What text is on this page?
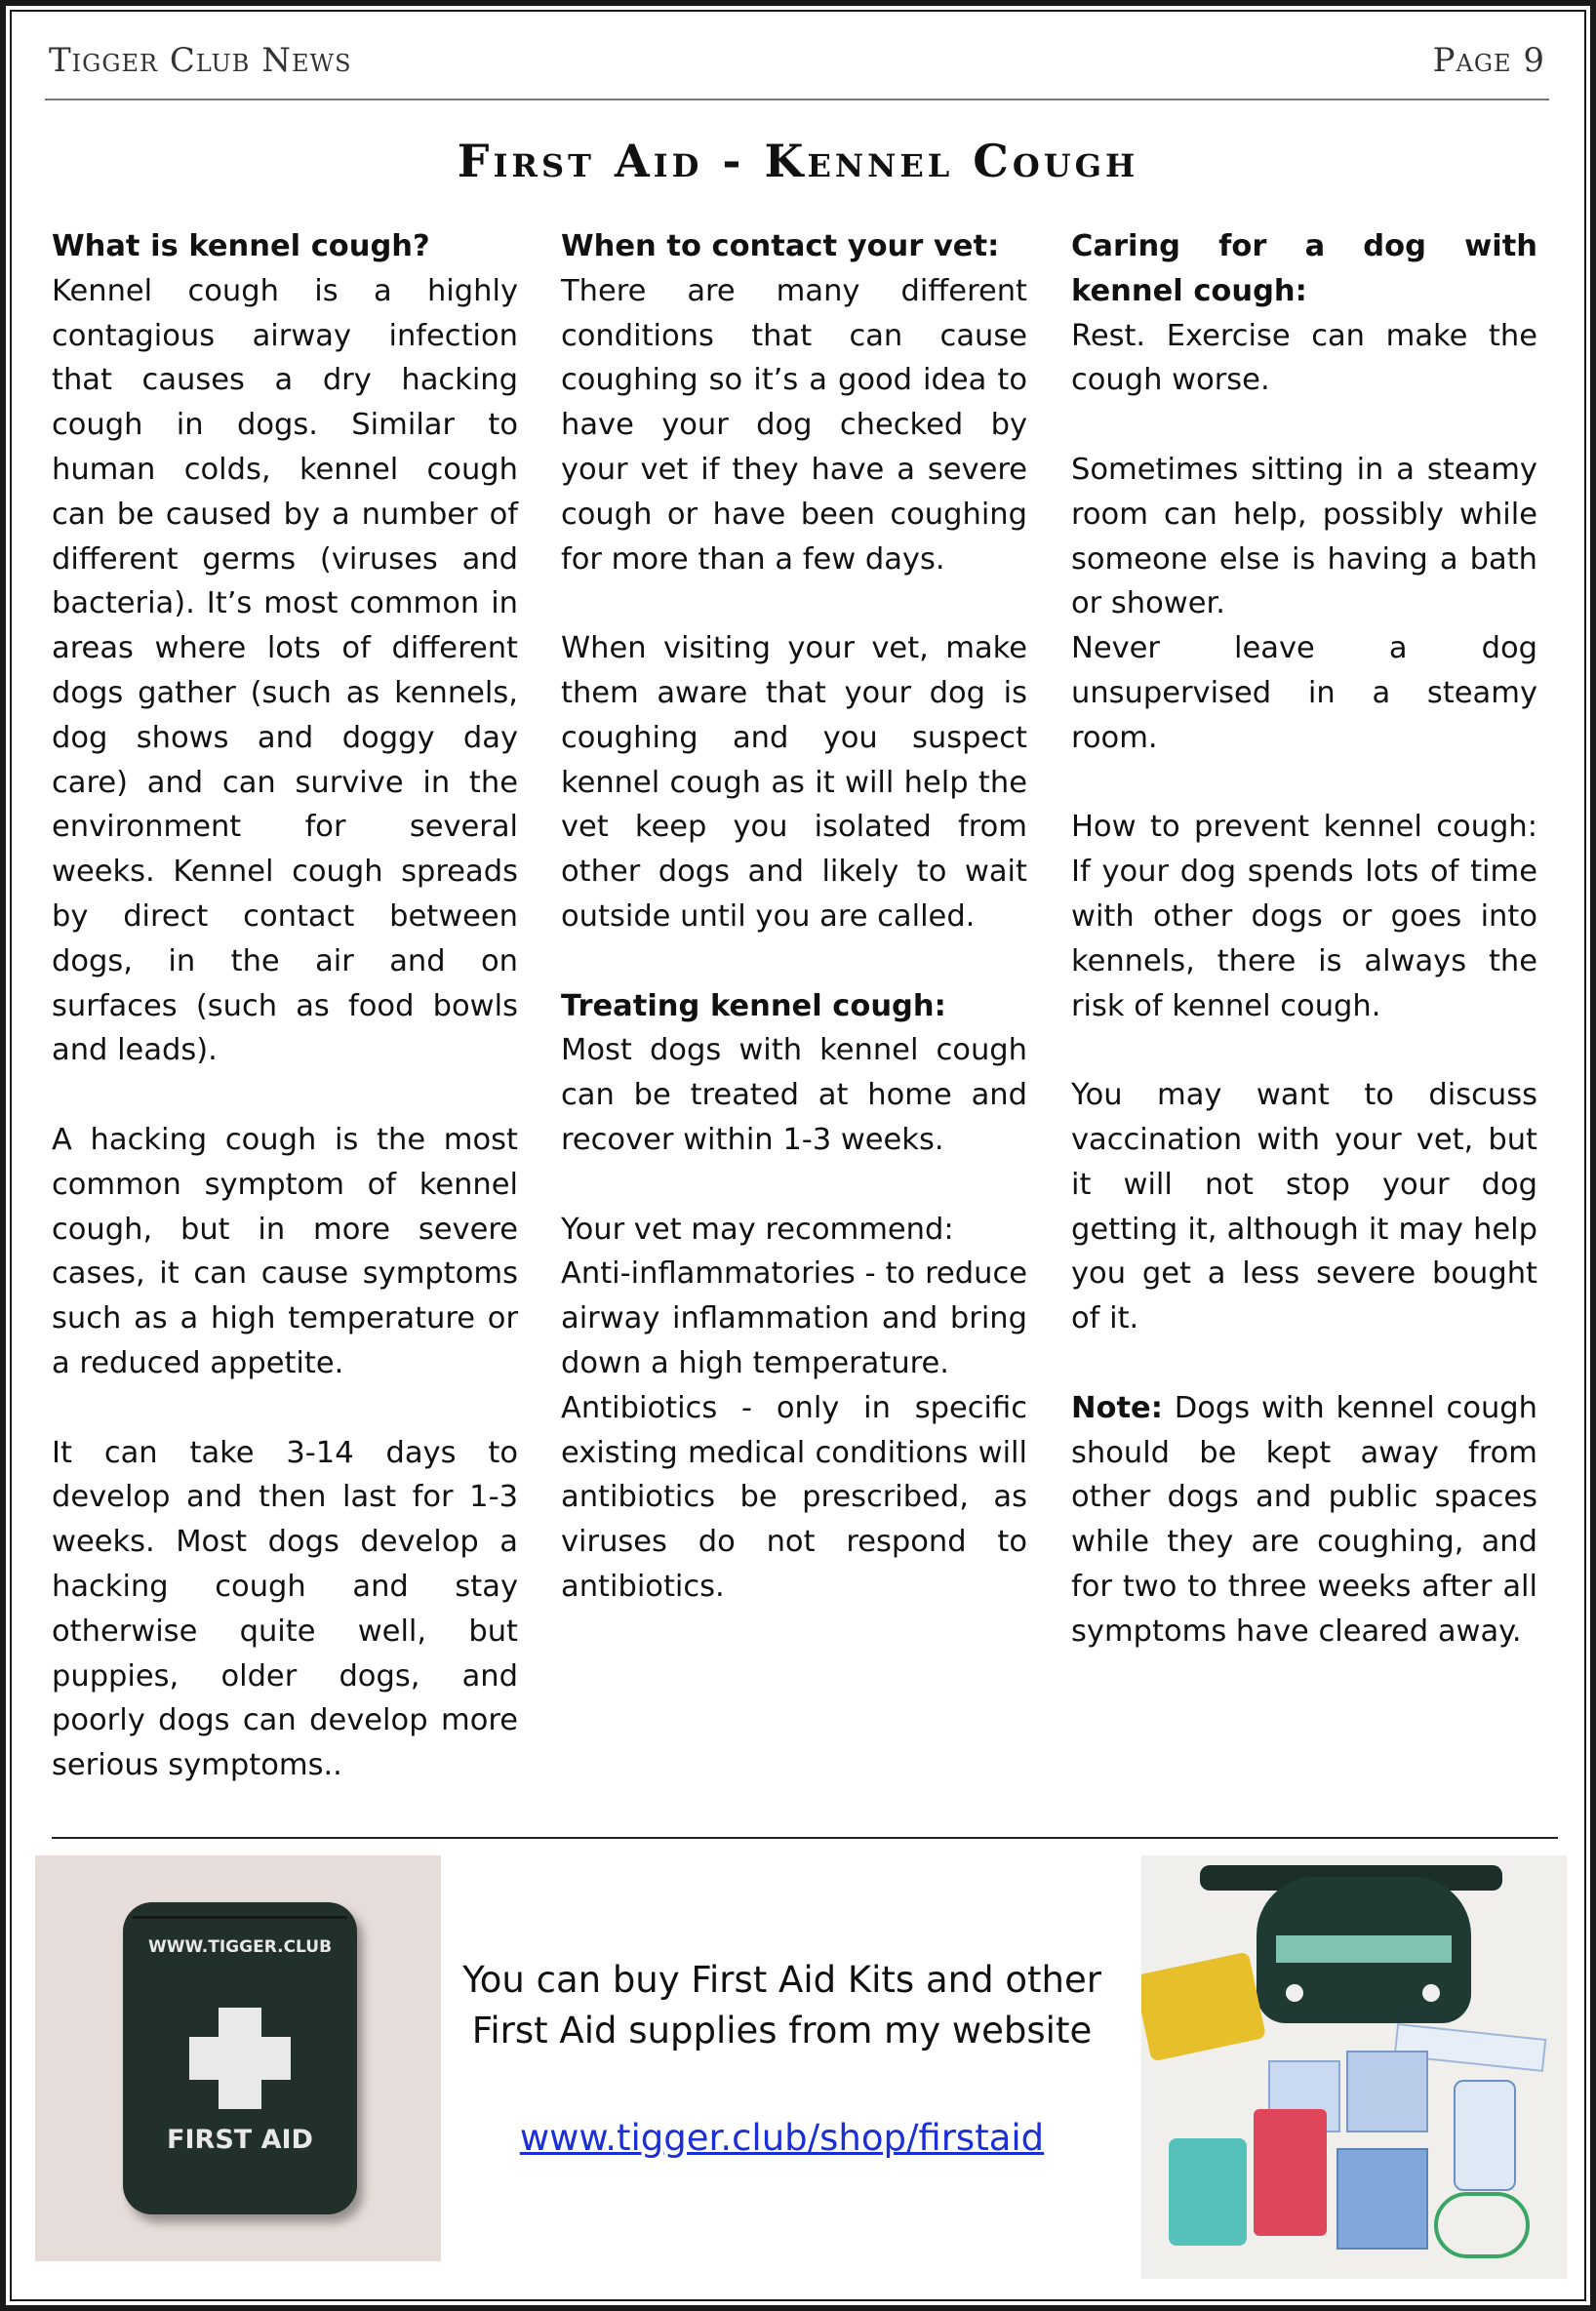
Tigger Club News	Page 9
First Aid - Kennel Cough

What is kennel cough?

Kennel cough is a highly contagious airway infection that causes a dry hacking cough in dogs. Similar to human colds, kennel cough can be caused by a number of different germs (viruses and bacteria). It’s most common in areas where lots of different dogs gather (such as kennels, dog shows and doggy day care) and can survive in the environment for several weeks. Kennel cough spreads by direct contact between dogs, in the air and on surfaces (such as food bowls and leads).

A hacking cough is the most common symptom of kennel cough, but in more severe cases, it can cause symptoms such as a high temperature or a reduced appetite.

It can take 3-14 days to develop and then last for 1-3 weeks. Most dogs develop a hacking cough and stay otherwise quite well, but puppies, older dogs, and poorly dogs can develop more serious symptoms..

When to contact your vet:

There are many different conditions that can cause coughing so it’s a good idea to have your dog checked by your vet if they have a severe cough or have been coughing for more than a few days.

When visiting your vet, make them aware that your dog is coughing and you suspect kennel cough as it will help the vet keep you isolated from other dogs and likely to wait outside until you are called.

Treating kennel cough:

Most dogs with kennel cough can be treated at home and recover within 1-3 weeks.

Your vet may recommend:

Anti-inflammatories - to reduce airway inflammation and bring down a high temperature.

Antibiotics - only in specific existing medical conditions will antibiotics be prescribed, as viruses do not respond to antibiotics.

Caring for a dog with kennel cough:

Rest. Exercise can make the cough worse.

Sometimes sitting in a steamy room can help, possibly while someone else is having a bath or shower.

Never leave a dog unsupervised in a steamy room.

How to prevent kennel cough: If your dog spends lots of time with other dogs or goes into kennels, there is always the risk of kennel cough.

You may want to discuss vaccination with your vet, but it will not stop your dog getting it, although it may help you get a less severe bought of it.

Note: Dogs with kennel cough should be kept away from other dogs and public spaces while they are coughing, and for two to three weeks after all symptoms have cleared away.

WWW.TIGGER.CLUB
FIRST AID
You can buy First Aid Kits and other
First Aid supplies from my website
www.tigger.club/shop/firstaid
